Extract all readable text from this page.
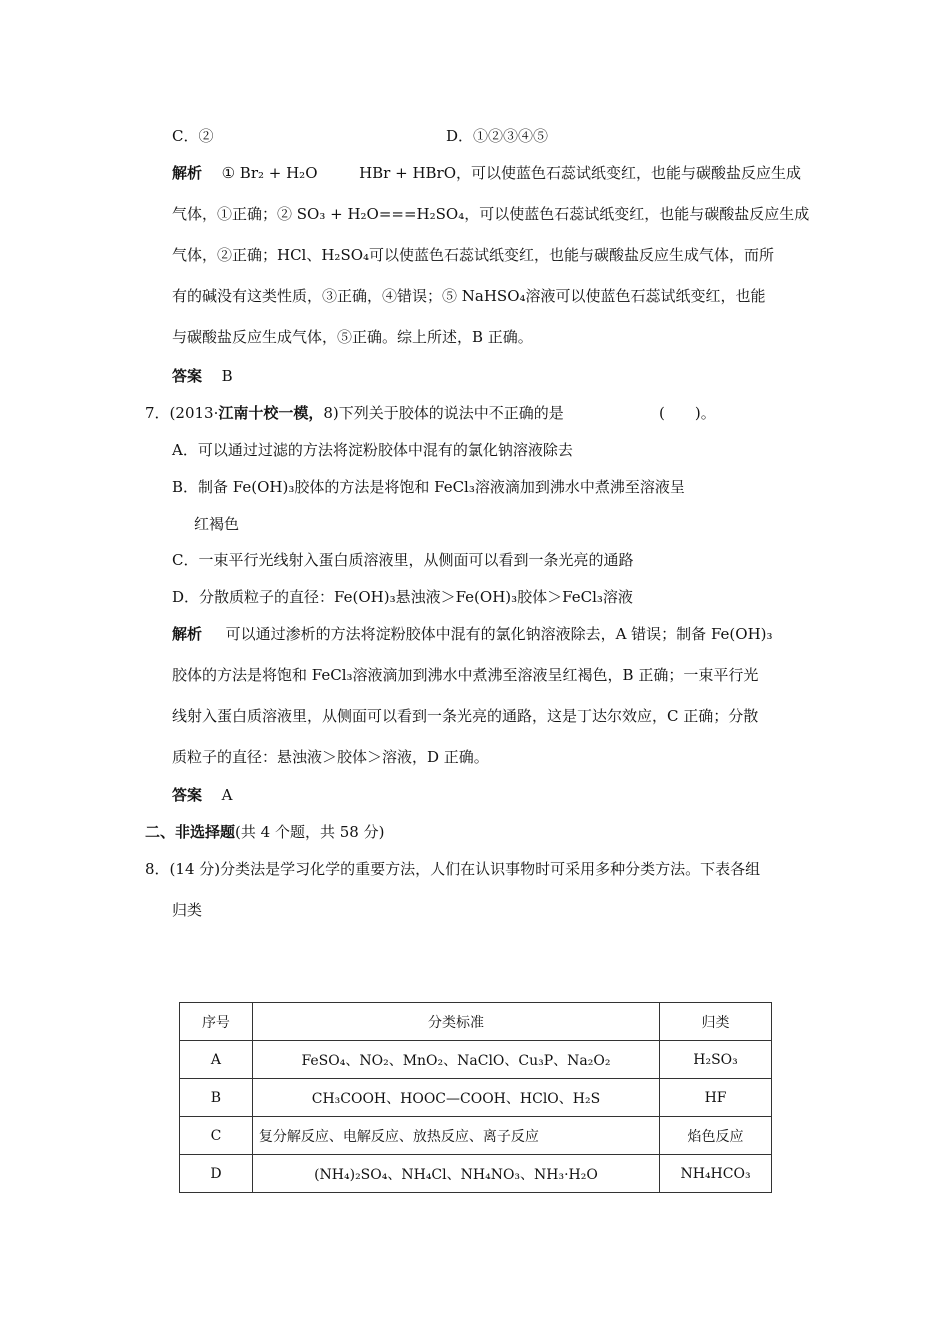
C．②	D．①②③④⑤
解析 ① Br₂ + H₂O	HBr + HBrO，可以使蓝色石蕊试纸变红，也能与碳酸盐反应生成
气体，①正确；② SO₃ + H₂O===H₂SO₄，可以使蓝色石蕊试纸变红，也能与碳酸盐反应生成
气体，②正确；HCl、H₂SO₄可以使蓝色石蕊试纸变红，也能与碳酸盐反应生成气体，而所
有的碱没有这类性质，③正确，④错误；⑤ NaHSO₄溶液可以使蓝色石蕊试纸变红，也能
与碳酸盐反应生成气体，⑤正确。综上所述，B 正确。
答案 B
7．(2013·江南十校一模，8)下列关于胶体的说法中不正确的是	(　　)。
A．可以通过过滤的方法将淀粉胶体中混有的氯化钠溶液除去
B．制备 Fe(OH)₃胶体的方法是将饱和 FeCl₃溶液滴加到沸水中煮沸至溶液呈
红褐色
C．一束平行光线射入蛋白质溶液里，从侧面可以看到一条光亮的通路
D．分散质粒子的直径：Fe(OH)₃悬浊液＞Fe(OH)₃胶体＞FeCl₃溶液
解析 可以通过渗析的方法将淀粉胶体中混有的氯化钠溶液除去，A 错误；制备 Fe(OH)₃
胶体的方法是将饱和 FeCl₃溶液滴加到沸水中煮沸至溶液呈红褐色，B 正确；一束平行光
线射入蛋白质溶液里，从侧面可以看到一条光亮的通路，这是丁达尔效应，C 正确；分散
质粒子的直径：悬浊液＞胶体＞溶液，D 正确。
答案 A
二、非选择题(共 4 个题，共 58 分)
8．(14 分)分类法是学习化学的重要方法，人们在认识事物时可采用多种分类方法。下表各组
归类
序号	分类标准	归类
A	FeSO₄、NO₂、MnO₂、NaClO、Cu₃P、Na₂O₂	H₂SO₃
B	CH₃COOH、HOOC—COOH、HClO、H₂S	HF
C	复分解反应、电解反应、放热反应、离子反应	焰色反应
D	(NH₄)₂SO₄、NH₄Cl、NH₄NO₃、NH₃·H₂O	NH₄HCO₃
